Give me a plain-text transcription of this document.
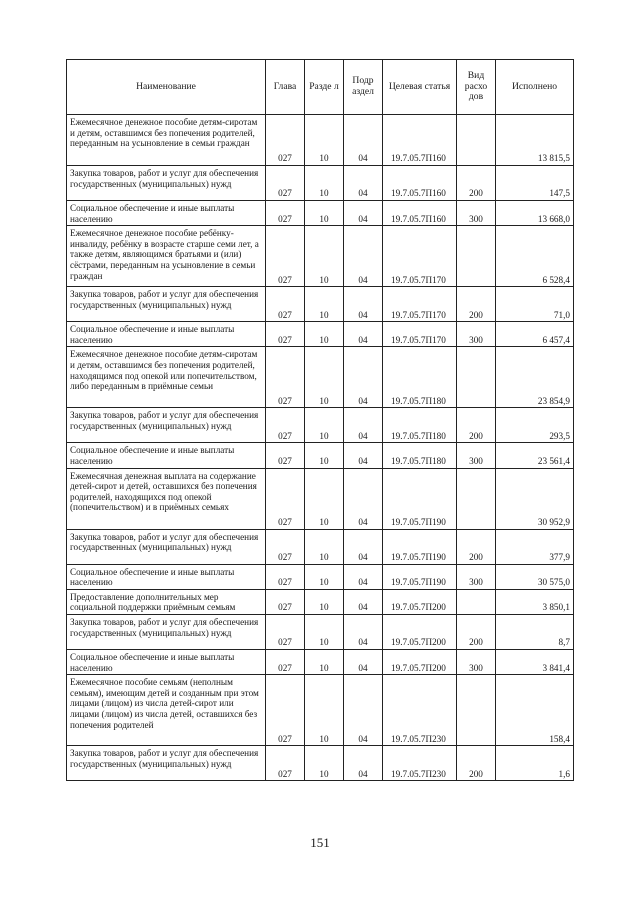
Наименование	Глава	Разде л	Подр аздел	Целевая статья	Вид расхо дов	Исполнено
Ежемесячное денежное пособие детям-сиротам и детям, оставшимся без попечения родителей, переданным на усыновление в семьи граждан	027	10	04	19.7.05.7П160		13 815,5
Закупка товаров, работ и услуг для обеспечения государственных (муниципальных) нужд	027	10	04	19.7.05.7П160	200	147,5
Социальное обеспечение и иные выплаты населению	027	10	04	19.7.05.7П160	300	13 668,0
Ежемесячное денежное пособие ребёнку-инвалиду, ребёнку в возрасте старше семи лет, а также детям, являющимся братьями и (или) сёстрами, переданным на усыновление в семьи граждан	027	10	04	19.7.05.7П170		6 528,4
Закупка товаров, работ и услуг для обеспечения государственных (муниципальных) нужд	027	10	04	19.7.05.7П170	200	71,0
Социальное обеспечение и иные выплаты населению	027	10	04	19.7.05.7П170	300	6 457,4
Ежемесячное денежное пособие детям-сиротам и детям, оставшимся без попечения родителей, находящимся под опекой или попечительством, либо переданным в приёмные семьи	027	10	04	19.7.05.7П180		23 854,9
Закупка товаров, работ и услуг для обеспечения государственных (муниципальных) нужд	027	10	04	19.7.05.7П180	200	293,5
Социальное обеспечение и иные выплаты населению	027	10	04	19.7.05.7П180	300	23 561,4
Ежемесячная денежная выплата на содержание детей-сирот и детей, оставшихся без попечения родителей, находящихся под опекой (попечительством) и в приёмных семьях	027	10	04	19.7.05.7П190		30 952,9
Закупка товаров, работ и услуг для обеспечения государственных (муниципальных) нужд	027	10	04	19.7.05.7П190	200	377,9
Социальное обеспечение и иные выплаты населению	027	10	04	19.7.05.7П190	300	30 575,0
Предоставление дополнительных мер социальной поддержки приёмным семьям	027	10	04	19.7.05.7П200		3 850,1
Закупка товаров, работ и услуг для обеспечения государственных (муниципальных) нужд	027	10	04	19.7.05.7П200	200	8,7
Социальное обеспечение и иные выплаты населению	027	10	04	19.7.05.7П200	300	3 841,4
Ежемесячное пособие семьям (неполным семьям), имеющим детей и созданным при этом лицами (лицом) из числа детей-сирот или лицами (лицом) из числа детей, оставшихся без попечения родителей	027	10	04	19.7.05.7П230		158,4
Закупка товаров, работ и услуг для обеспечения государственных (муниципальных) нужд	027	10	04	19.7.05.7П230	200	1,6
151
